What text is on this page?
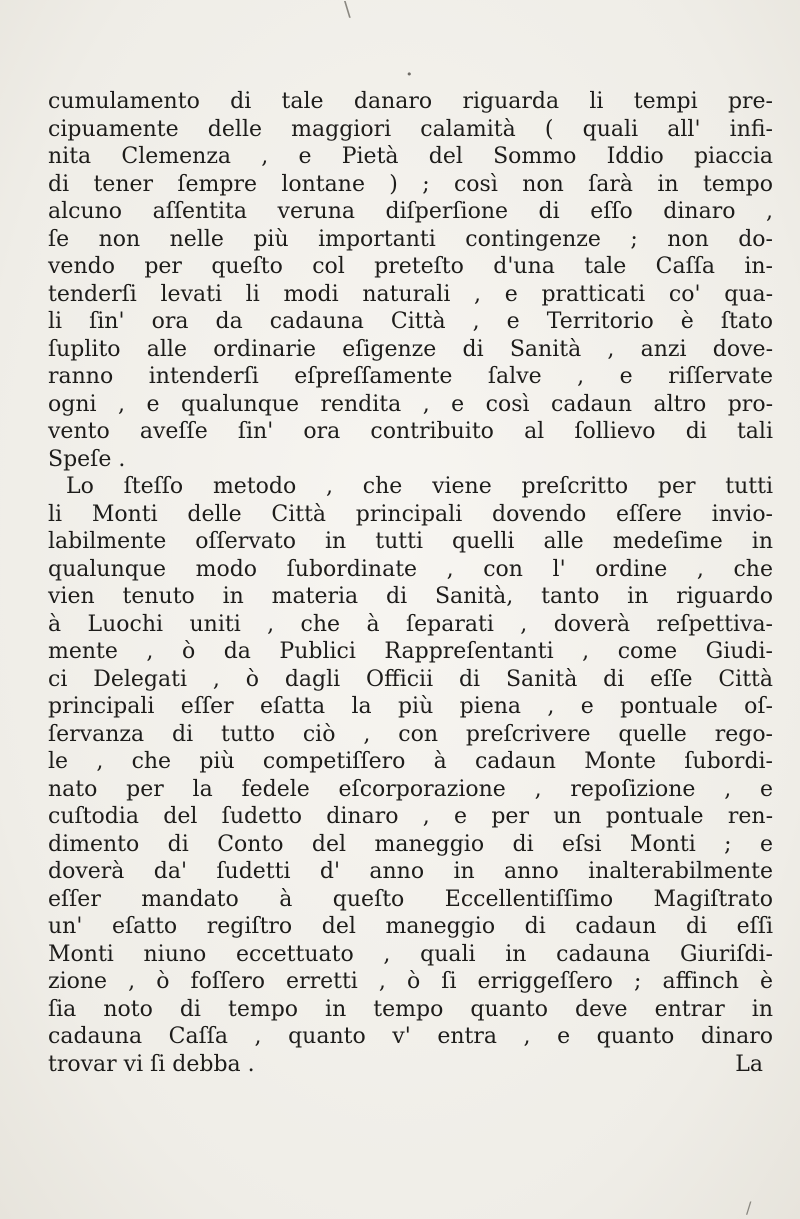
\
•
cumulamento di tale danaro riguarda li tempi pre-
cipuamente delle maggiori calamità ( quali all' infi-
nita Clemenza , e Pietà del Sommo Iddio piaccia
di tener ſempre lontane ) ; così non ſarà in tempo
alcuno aſſentita veruna diſperſione di eſſo dinaro ,
ſe non nelle più importanti contingenze ; non do-
vendo per queſto col preteſto d'una tale Caſſa in-
tenderſi levati li modi naturali , e pratticati co' qua-
li ſin' ora da cadauna Città , e Territorio è ſtato
ſuplito alle ordinarie eſigenze di Sanità , anzi dove-
ranno intenderſi eſpreſſamente ſalve , e riſſervate
ogni , e qualunque rendita , e così cadaun altro pro-
vento aveſſe ſin' ora contribuito al ſollievo di tali
Speſe .
Lo ſteſſo metodo , che viene preſcritto per tutti
li Monti delle Città principali dovendo eſſere invio-
labilmente oſſervato in tutti quelli alle medeſime in
qualunque modo ſubordinate , con l' ordine , che
vien tenuto in materia di Sanità, tanto in riguardo
à Luochi uniti , che à ſeparati , doverà reſpettiva-
mente , ò da Publici Rappreſentanti , come Giudi-
ci Delegati , ò dagli Officii di Sanità di eſſe Città
principali eſſer eſatta la più piena , e pontuale oſ-
ſervanza di tutto ciò , con preſcrivere quelle rego-
le , che più competiſſero à cadaun Monte ſubordi-
nato per la fedele eſcorporazione , repoſizione , e
cuſtodia del ſudetto dinaro , e per un pontuale ren-
dimento di Conto del maneggio di eſsi Monti ; e
doverà da' ſudetti d' anno in anno inalterabilmente
eſſer mandato à queſto Eccellentiſſimo Magiſtrato
un' eſatto regiſtro del maneggio di cadaun di eſſi
Monti niuno eccettuato , quali in cadauna Giuriſdi-
zione , ò foſſero erretti , ò ſi erriggeſſero ; affinch è
ſia noto di tempo in tempo quanto deve entrar in
cadauna Caſſa , quanto v' entra , e quanto dinaro
trovar vi ſi debba .	La
/
